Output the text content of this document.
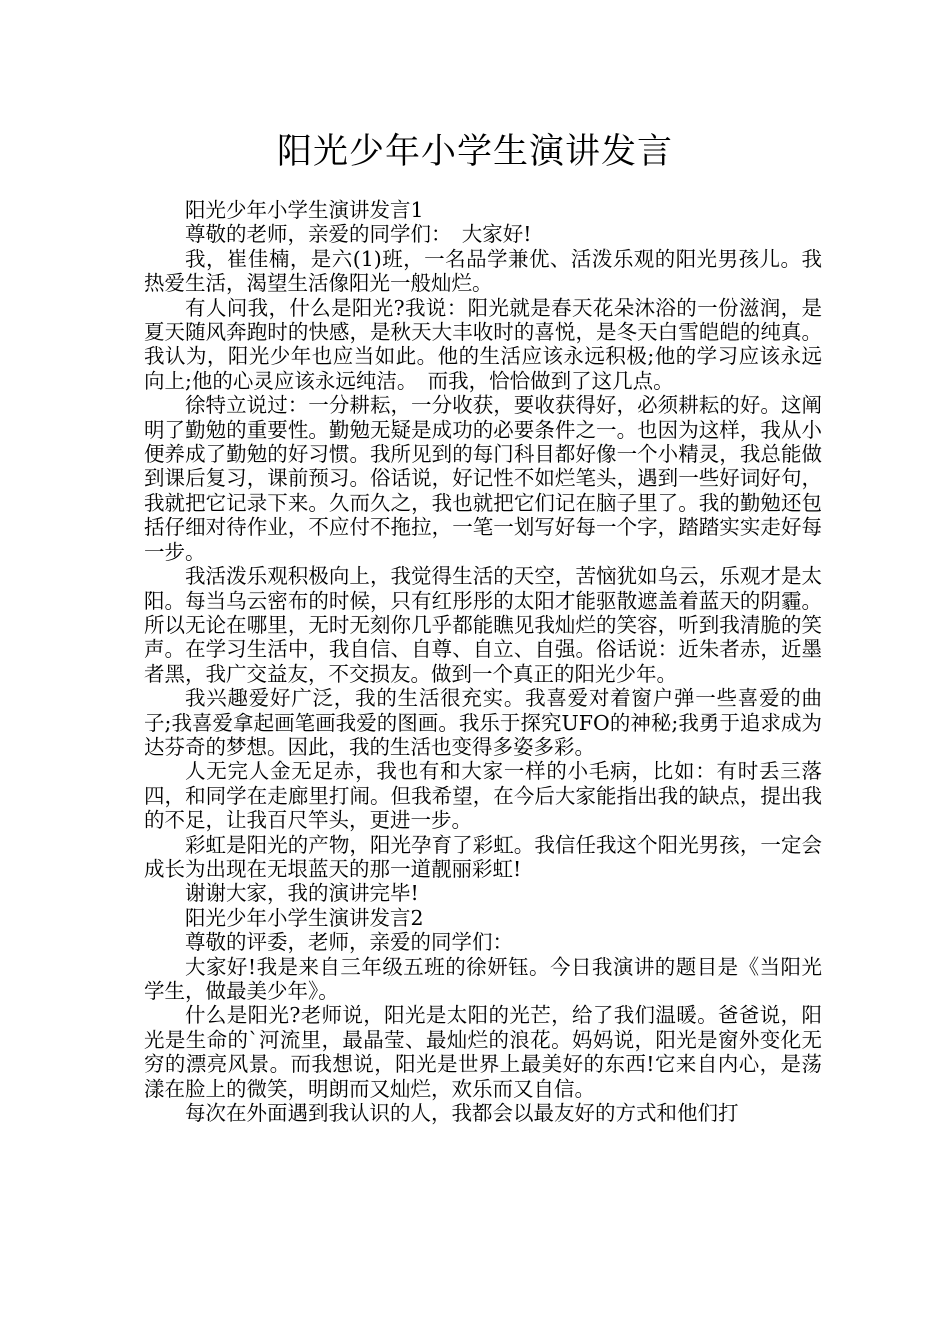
阳光少年小学生演讲发言

阳光少年小学生演讲发言1

尊敬的老师，亲爱的同学们：　大家好!

我，崔佳楠，是六(1)班，一名品学兼优、活泼乐观的阳光男孩儿。我热爱生活，渴望生活像阳光一般灿烂。

有人问我，什么是阳光?我说：阳光就是春天花朵沐浴的一份滋润，是夏天随风奔跑时的快感，是秋天大丰收时的喜悦，是冬天白雪皑皑的纯真。我认为，阳光少年也应当如此。他的生活应该永远积极;他的学习应该永远向上;他的心灵应该永远纯洁。　而我，恰恰做到了这几点。

徐特立说过：一分耕耘，一分收获，要收获得好，必须耕耘的好。这阐明了勤勉的重要性。勤勉无疑是成功的必要条件之一。也因为这样，我从小便养成了勤勉的好习惯。我所见到的每门科目都好像一个小精灵，我总能做到课后复习，课前预习。俗话说，好记性不如烂笔头，遇到一些好词好句，我就把它记录下来。久而久之，我也就把它们记在脑子里了。我的勤勉还包括仔细对待作业，不应付不拖拉，一笔一划写好每一个字，踏踏实实走好每一步。

我活泼乐观积极向上，我觉得生活的天空，苦恼犹如乌云，乐观才是太阳。每当乌云密布的时候，只有红彤彤的太阳才能驱散遮盖着蓝天的阴霾。所以无论在哪里，无时无刻你几乎都能瞧见我灿烂的笑容，听到我清脆的笑声。在学习生活中，我自信、自尊、自立、自强。俗话说：近朱者赤，近墨者黑，我广交益友，不交损友。做到一个真正的阳光少年。

我兴趣爱好广泛，我的生活很充实。我喜爱对着窗户弹一些喜爱的曲子;我喜爱拿起画笔画我爱的图画。我乐于探究UFO的神秘;我勇于追求成为达芬奇的梦想。因此，我的生活也变得多姿多彩。

人无完人金无足赤，我也有和大家一样的小毛病，比如：有时丢三落四，和同学在走廊里打闹。但我希望，在今后大家能指出我的缺点，提出我的不足，让我百尺竿头，更进一步。

彩虹是阳光的产物，阳光孕育了彩虹。我信任我这个阳光男孩，一定会成长为出现在无垠蓝天的那一道靓丽彩虹!

谢谢大家，我的演讲完毕!

阳光少年小学生演讲发言2

尊敬的评委，老师，亲爱的同学们：

大家好!我是来自三年级五班的徐妍钰。今日我演讲的题目是《当阳光学生，做最美少年》。

什么是阳光?老师说，阳光是太阳的光芒，给了我们温暖。爸爸说，阳光是生命的`河流里，最晶莹、最灿烂的浪花。妈妈说，阳光是窗外变化无穷的漂亮风景。而我想说，阳光是世界上最美好的东西!它来自内心，是荡漾在脸上的微笑，明朗而又灿烂，欢乐而又自信。

每次在外面遇到我认识的人，我都会以最友好的方式和他们打
